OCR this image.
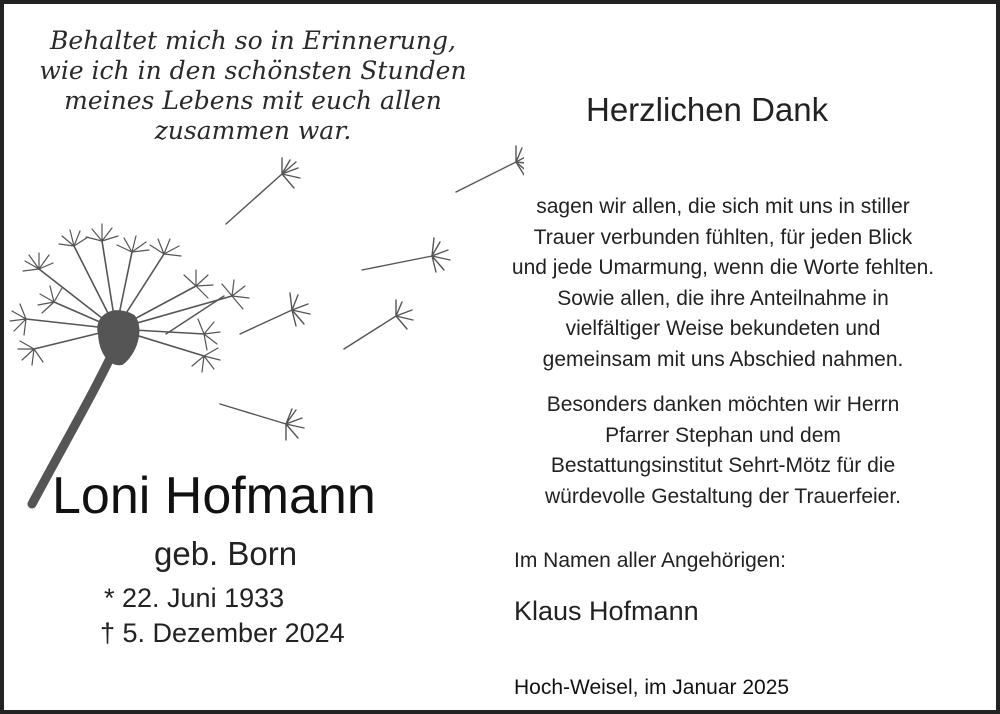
Behaltet mich so in Erinnerung,
wie ich in den schönsten Stunden
meines Lebens mit euch allen
zusammen war.
Loni Hofmann
geb. Born
* 22. Juni 1933
† 5. Dezember 2024
Herzlichen Dank
sagen wir allen, die sich mit uns in stiller
Trauer verbunden fühlten, für jeden Blick
und jede Umarmung, wenn die Worte fehlten.
Sowie allen, die ihre Anteilnahme in
vielfältiger Weise bekundeten und
gemeinsam mit uns Abschied nahmen.
Besonders danken möchten wir Herrn
Pfarrer Stephan und dem
Bestattungsinstitut Sehrt-Mötz für die
würdevolle Gestaltung der Trauerfeier.
Im Namen aller Angehörigen:
Klaus Hofmann
Hoch-Weisel, im Januar 2025
